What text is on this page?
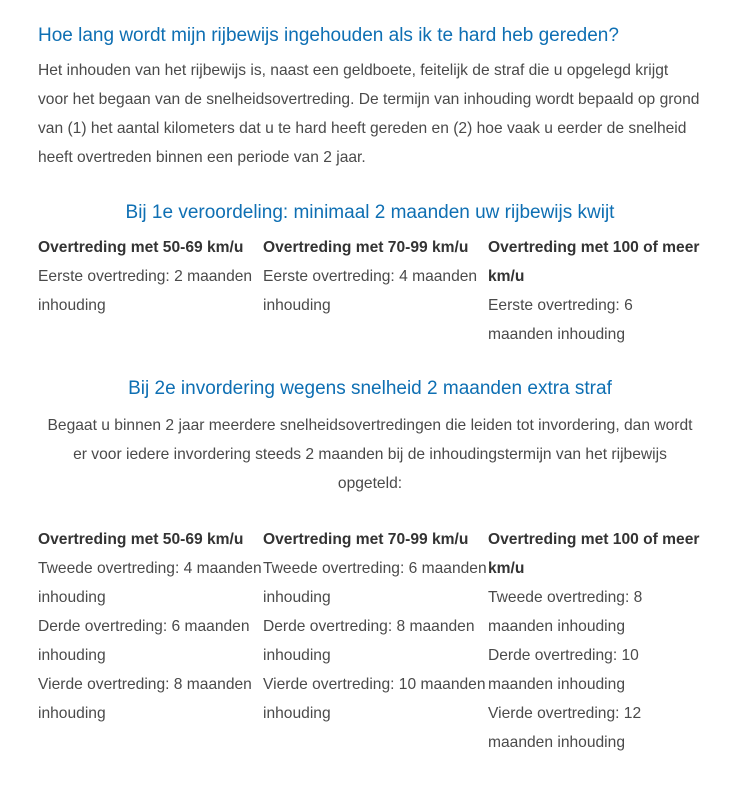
Hoe lang wordt mijn rijbewijs ingehouden als ik te hard heb gereden?

Het inhouden van het rijbewijs is, naast een geldboete, feitelijk de straf die u opgelegd krijgt voor het begaan van de snelheidsovertreding. De termijn van inhouding wordt bepaald op grond van (1) het aantal kilometers dat u te hard heeft gereden en (2) hoe vaak u eerder de snelheid heeft overtreden binnen een periode van 2 jaar.

Bij 1e veroordeling: minimaal 2 maanden uw rijbewijs kwijt
Overtreding met 50-69 km/u
Eerste overtreding: 2 maanden inhouding
Overtreding met 70-99 km/u
Eerste overtreding: 4 maanden inhouding
Overtreding met 100 of meer km/u
Eerste overtreding: 6 maanden inhouding
Bij 2e invordering wegens snelheid 2 maanden extra straf

Begaat u binnen 2 jaar meerdere snelheidsovertredingen die leiden tot invordering, dan wordt er voor iedere invordering steeds 2 maanden bij de inhoudingstermijn van het rijbewijs opgeteld:

Overtreding met 50-69 km/u
Tweede overtreding: 4 maanden inhouding
Derde overtreding: 6 maanden inhouding
Vierde overtreding: 8 maanden inhouding
Overtreding met 70-99 km/u
Tweede overtreding: 6 maanden inhouding
Derde overtreding: 8 maanden inhouding
Vierde overtreding: 10 maanden inhouding
Overtreding met 100 of meer km/u
Tweede overtreding: 8 maanden inhouding
Derde overtreding: 10 maanden inhouding
Vierde overtreding: 12 maanden inhouding
